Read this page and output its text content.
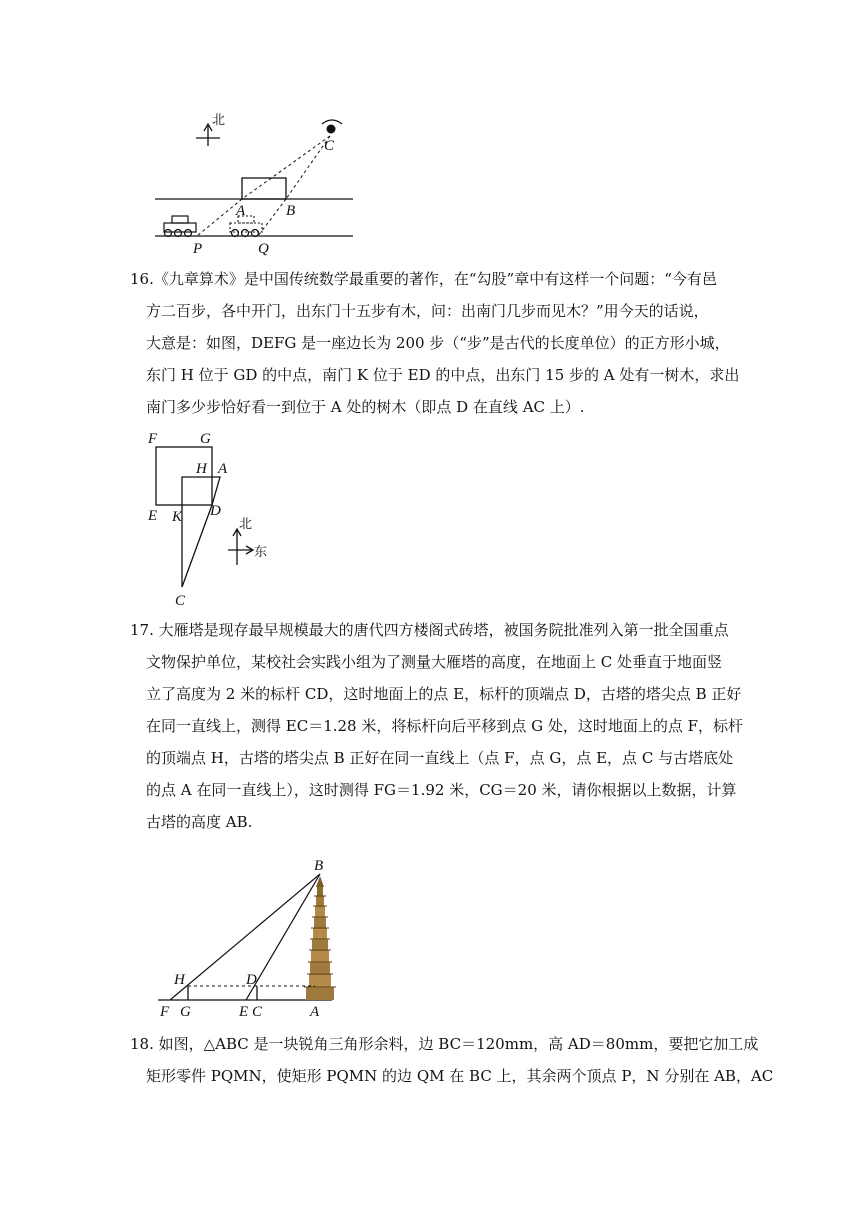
北
C
A	B
P	Q
16.《九章算术》是中国传统数学最重要的著作，在“勾股”章中有这样一个问题：“今有邑
方二百步，各中开门，出东门十五步有木，问：出南门几步而见木？”用今天的话说，
大意是：如图，DEFG 是一座边长为 200 步（“步”是古代的长度单位）的正方形小城，
东门 H 位于 GD 的中点，南门 K 位于 ED 的中点，出东门 15 步的 A 处有一树木，求出
南门多少步恰好看一到位于 A 处的树木（即点 D 在直线 AC 上）.
F	G
H A
E K D
C
北
东
17. 大雁塔是现存最早规模最大的唐代四方楼阁式砖塔，被国务院批准列入第一批全国重点
文物保护单位，某校社会实践小组为了测量大雁塔的高度，在地面上 C 处垂直于地面竖
立了高度为 2 米的标杆 CD，这时地面上的点 E，标杆的顶端点 D，古塔的塔尖点 B 正好
在同一直线上，测得 EC＝1.28 米，将标杆向后平移到点 G 处，这时地面上的点 F，标杆
的顶端点 H，古塔的塔尖点 B 正好在同一直线上（点 F，点 G，点 E，点 C 与古塔底处
的点 A 在同一直线上），这时测得 FG＝1.92 米，CG＝20 米，请你根据以上数据，计算
古塔的高度 AB.
B
H	D
F G	E C	A
18. 如图，△ABC 是一块锐角三角形余料，边 BC＝120mm，高 AD＝80mm，要把它加工成
矩形零件 PQMN，使矩形 PQMN 的边 QM 在 BC 上，其余两个顶点 P，N 分别在 AB，AC
